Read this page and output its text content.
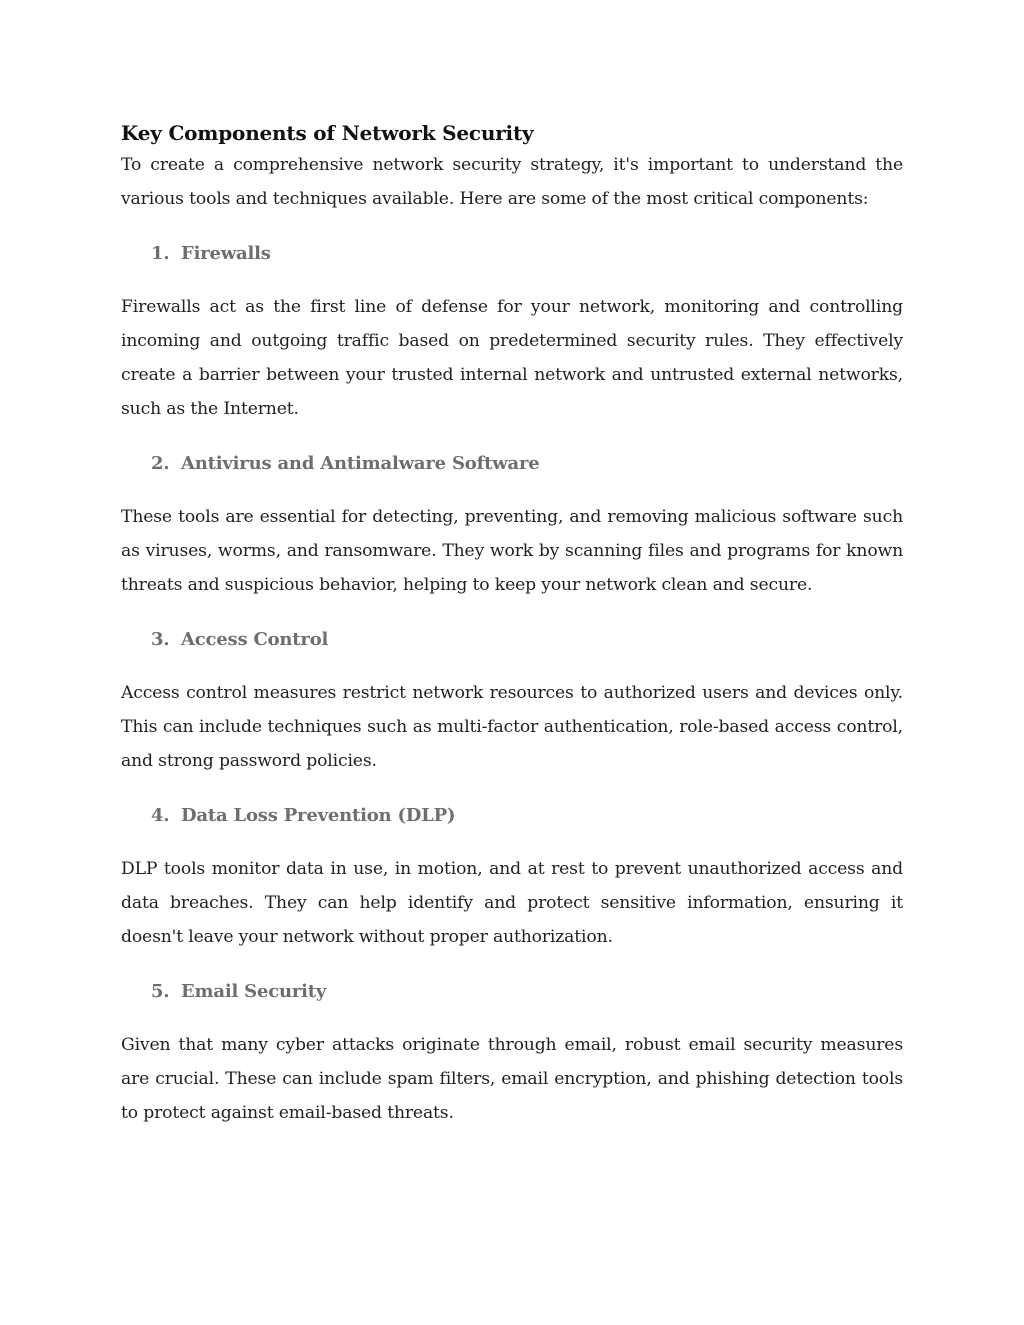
Key Components of Network Security

To create a comprehensive network security strategy, it's important to understand the various tools and techniques available. Here are some of the most critical components:

1. Firewalls

Firewalls act as the first line of defense for your network, monitoring and controlling incoming and outgoing traffic based on predetermined security rules. They effectively create a barrier between your trusted internal network and untrusted external networks, such as the Internet.

2. Antivirus and Antimalware Software

These tools are essential for detecting, preventing, and removing malicious software such as viruses, worms, and ransomware. They work by scanning files and programs for known threats and suspicious behavior, helping to keep your network clean and secure.

3. Access Control

Access control measures restrict network resources to authorized users and devices only. This can include techniques such as multi-factor authentication, role-based access control, and strong password policies.

4. Data Loss Prevention (DLP)

DLP tools monitor data in use, in motion, and at rest to prevent unauthorized access and data breaches. They can help identify and protect sensitive information, ensuring it doesn't leave your network without proper authorization.

5. Email Security

Given that many cyber attacks originate through email, robust email security measures are crucial. These can include spam filters, email encryption, and phishing detection tools to protect against email-based threats.
